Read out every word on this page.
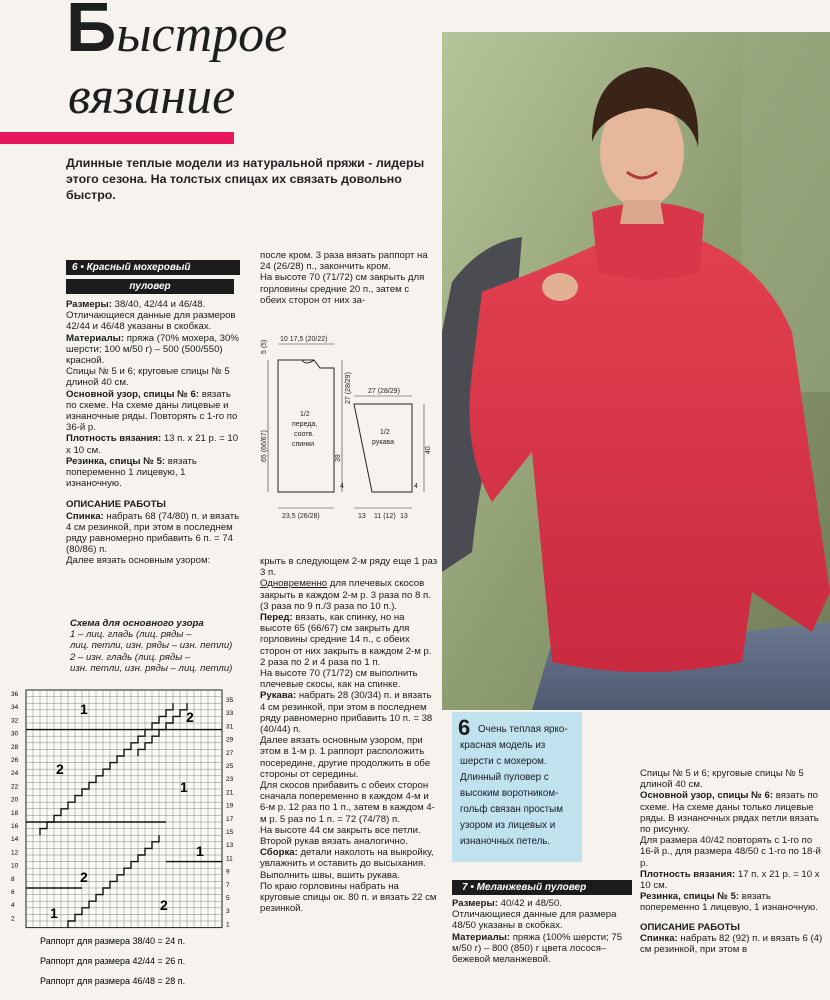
Быстрое
вязание
Длинные теплые модели из натуральной пряжи - лидеры этого сезона. На толстых спицах их связать довольно быстро.
6 • Красный мохеровый
пуловер

Размеры: 38/40, 42/44 и 46/48. Отличающиеся данные для размеров 42/44 и 46/48 указаны в скобках.

Материалы: пряжа (70% мохера, 30% шерсти; 100 м/50 г) – 500 (500/550) красной.

Спицы № 5 и 6; круговые спицы № 5 длиной 40 см.

Основной узор, спицы № 6: вязать по схеме. На схеме даны лицевые и изнаночные ряды. Повторять с 1-го по 36-й р.

Плотность вязания: 13 п. х 21 р. = 10 х 10 см.

Резинка, спицы № 5: вязать попеременно 1 лицевую, 1 изнаночную.

ОПИСАНИЕ РАБОТЫ

Спинка: набрать 68 (74/80) п. и вязать 4 см резинкой, при этом в последнем ряду равномерно прибавить 6 п. = 74 (80/86) п.

Далее вязать основным узором:

Схема для основного узора

1 – лиц. гладь (лиц. ряды –

лиц. петли, изн. ряды – изн. петли)

2 – изн. гладь (лиц. ряды –

изн. петли, изн. ряды – лиц. петли)

36
34
32
30
28
26
24
22
20
18
16
14
12
10
8
6
4
2
35
33
31
29
27
25
23
21
19
17
15
13
11
9
7
5
3
1
1	2
2
1
1
2
1	2
Раппорт для размера 38/40 = 24 п.
Раппорт для размера 42/44 = 26 п.
Раппорт для размера 46/48 = 28 п.

после кром. 3 раза вязать раппорт на 24 (26/28) п., закончить кром.

На высоте 70 (71/72) см закрыть для горловины средние 20 п., затем с обеих сторон от них за-

10 17,5 (20/22)
5 (5)
27 (28/29)
65 (66/67)	39
4
1/2
переда,
соотв.
спинки
23,5 (26/28)
27 (28/29)
1/2
рукава
40
13 11 (12) 13
4

крыть в следующем 2-м ряду еще 1 раз 3 п.

Одновременно для плечевых скосов закрыть в каждом 2-м р. 3 раза по 8 п. (3 раза по 9 п./3 раза по 10 п.).

Перед: вязать, как спинку, но на высоте 65 (66/67) см закрыть для горловины средние 14 п., с обеих сторон от них закрыть в каждом 2-м р. 2 раза по 2 и 4 раза по 1 п.

На высоте 70 (71/72) см выполнить плечевые скосы, как на спинке.

Рукава: набрать 28 (30/34) п. и вязать 4 см резинкой, при этом в последнем ряду равномерно прибавить 10 п. = 38 (40/44) п.

Далее вязать основным узором, при этом в 1-м р. 1 раппорт расположить посередине, другие продолжить в обе стороны от середины.

Для скосов прибавить с обеих сторон сначала попеременно в каждом 4-м и 6-м р. 12 раз по 1 п., затем в каждом 4-м р. 5 раз по 1 п. = 72 (74/78) п.

На высоте 44 см закрыть все петли.

Второй рукав вязать аналогично.

Сборка: детали наколоть на выкройку, увлажнить и оставить до высыхания. Выполнить швы, вшить рукава.

По краю горловины набрать на круговые спицы ок. 80 п. и вязать 22 см резинкой.

6 Очень теплая ярко-красная модель из шерсти с мохером. Длинный пуловер с высоким воротником-гольф связан простым узором из лицевых и изнаночных петель.
7 • Меланжевый пуловер

Размеры: 40/42 и 48/50. Отличающиеся данные для размера 48/50 указаны в скобках.

Материалы: пряжа (100% шерсти; 75 м/50 г) – 800 (850) г цвета лосося–бежевой меланжевой.

Спицы № 5 и 6; круговые спицы № 5 длиной 40 см.

Основной узор, спицы № 6: вязать по схеме. На схеме даны только лицевые ряды. В изнаночных рядах петли вязать по рисунку.

Для размера 40/42 повторять с 1-го по 16-й р., для размера 48/50 с 1-го по 18-й р.

Плотность вязания: 17 п. х 21 р. = 10 х 10 см.

Резинка, спицы № 5: вязать попеременно 1 лицевую, 1 изнаночную.

ОПИСАНИЕ РАБОТЫ

Спинка: набрать 82 (92) п. и вязать 6 (4) см резинкой, при этом в
